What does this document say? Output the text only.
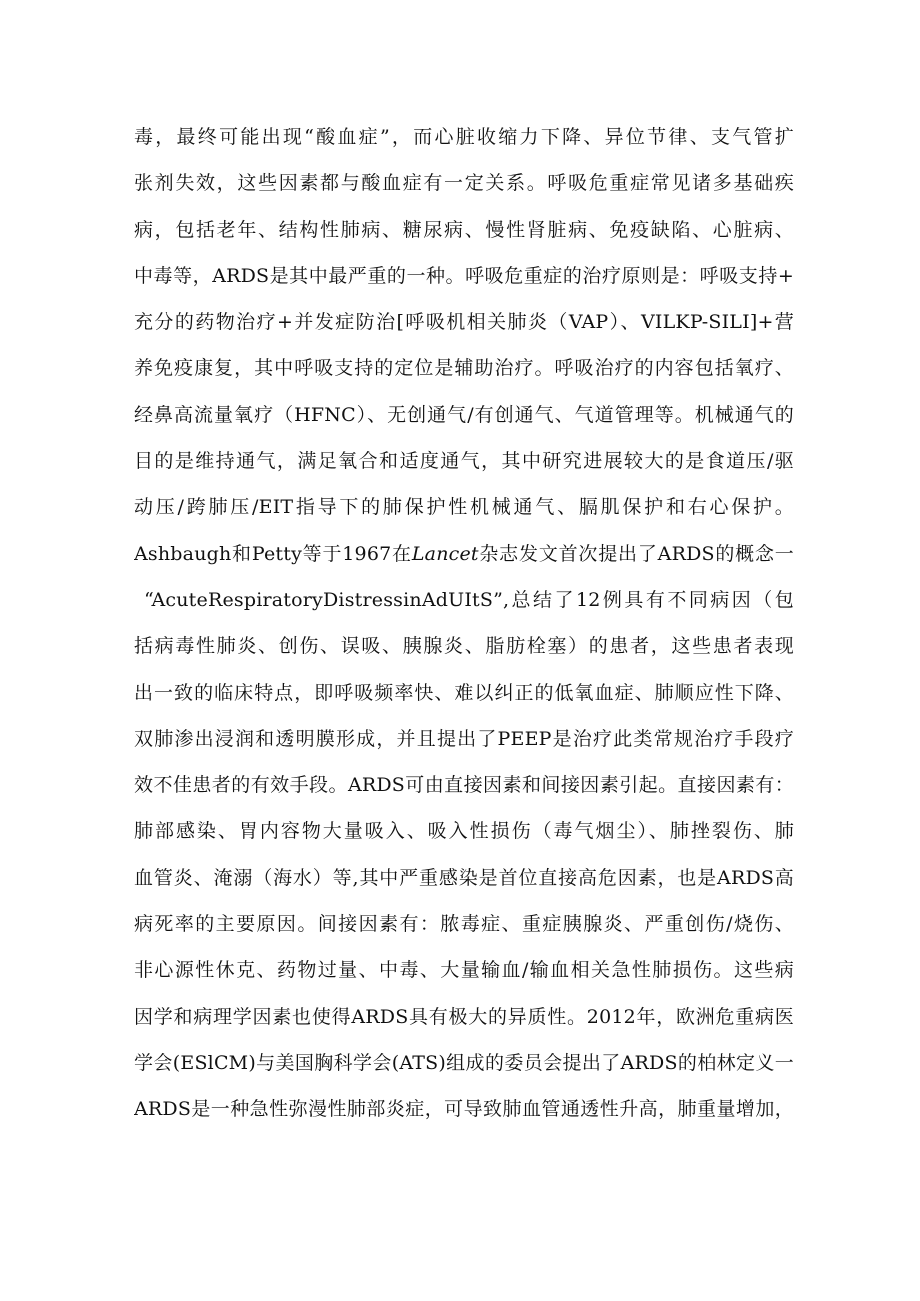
毒，最终可能出现“酸血症”，而心脏收缩力下降、异位节律、支气管扩
张剂失效，这些因素都与酸血症有一定关系。呼吸危重症常见诸多基础疾
病，包括老年、结构性肺病、糖尿病、慢性肾脏病、免疫缺陷、心脏病、
中毒等，ARDS是其中最严重的一种。呼吸危重症的治疗原则是：呼吸支持+
充分的药物治疗+并发症防治[呼吸机相关肺炎（VAP）、VILKP-SILI]+营
养免疫康复，其中呼吸支持的定位是辅助治疗。呼吸治疗的内容包括氧疗、
经鼻高流量氧疗（HFNC）、无创通气/有创通气、气道管理等。机械通气的
目的是维持通气，满足氧合和适度通气，其中研究进展较大的是食道压/驱
动压/跨肺压/EIT指导下的肺保护性机械通气、膈肌保护和右心保护。
Ashbaugh和Petty等于1967在Lancet杂志发文首次提出了ARDS的概念一
“AcuteRespiratoryDistressinAdUItS”,总结了12例具有不同病因（包
括病毒性肺炎、创伤、误吸、胰腺炎、脂肪栓塞）的患者，这些患者表现
出一致的临床特点，即呼吸频率快、难以纠正的低氧血症、肺顺应性下降、
双肺渗出浸润和透明膜形成，并且提出了PEEP是治疗此类常规治疗手段疗
效不佳患者的有效手段。ARDS可由直接因素和间接因素引起。直接因素有：
肺部感染、胃内容物大量吸入、吸入性损伤（毒气烟尘）、肺挫裂伤、肺
血管炎、淹溺（海水）等,其中严重感染是首位直接高危因素，也是ARDS高
病死率的主要原因。间接因素有：脓毒症、重症胰腺炎、严重创伤/烧伤、
非心源性休克、药物过量、中毒、大量输血/输血相关急性肺损伤。这些病
因学和病理学因素也使得ARDS具有极大的异质性。2012年，欧洲危重病医
学会(ESlCM)与美国胸科学会(ATS)组成的委员会提出了ARDS的柏林定义一
ARDS是一种急性弥漫性肺部炎症，可导致肺血管通透性升高，肺重量增加，
